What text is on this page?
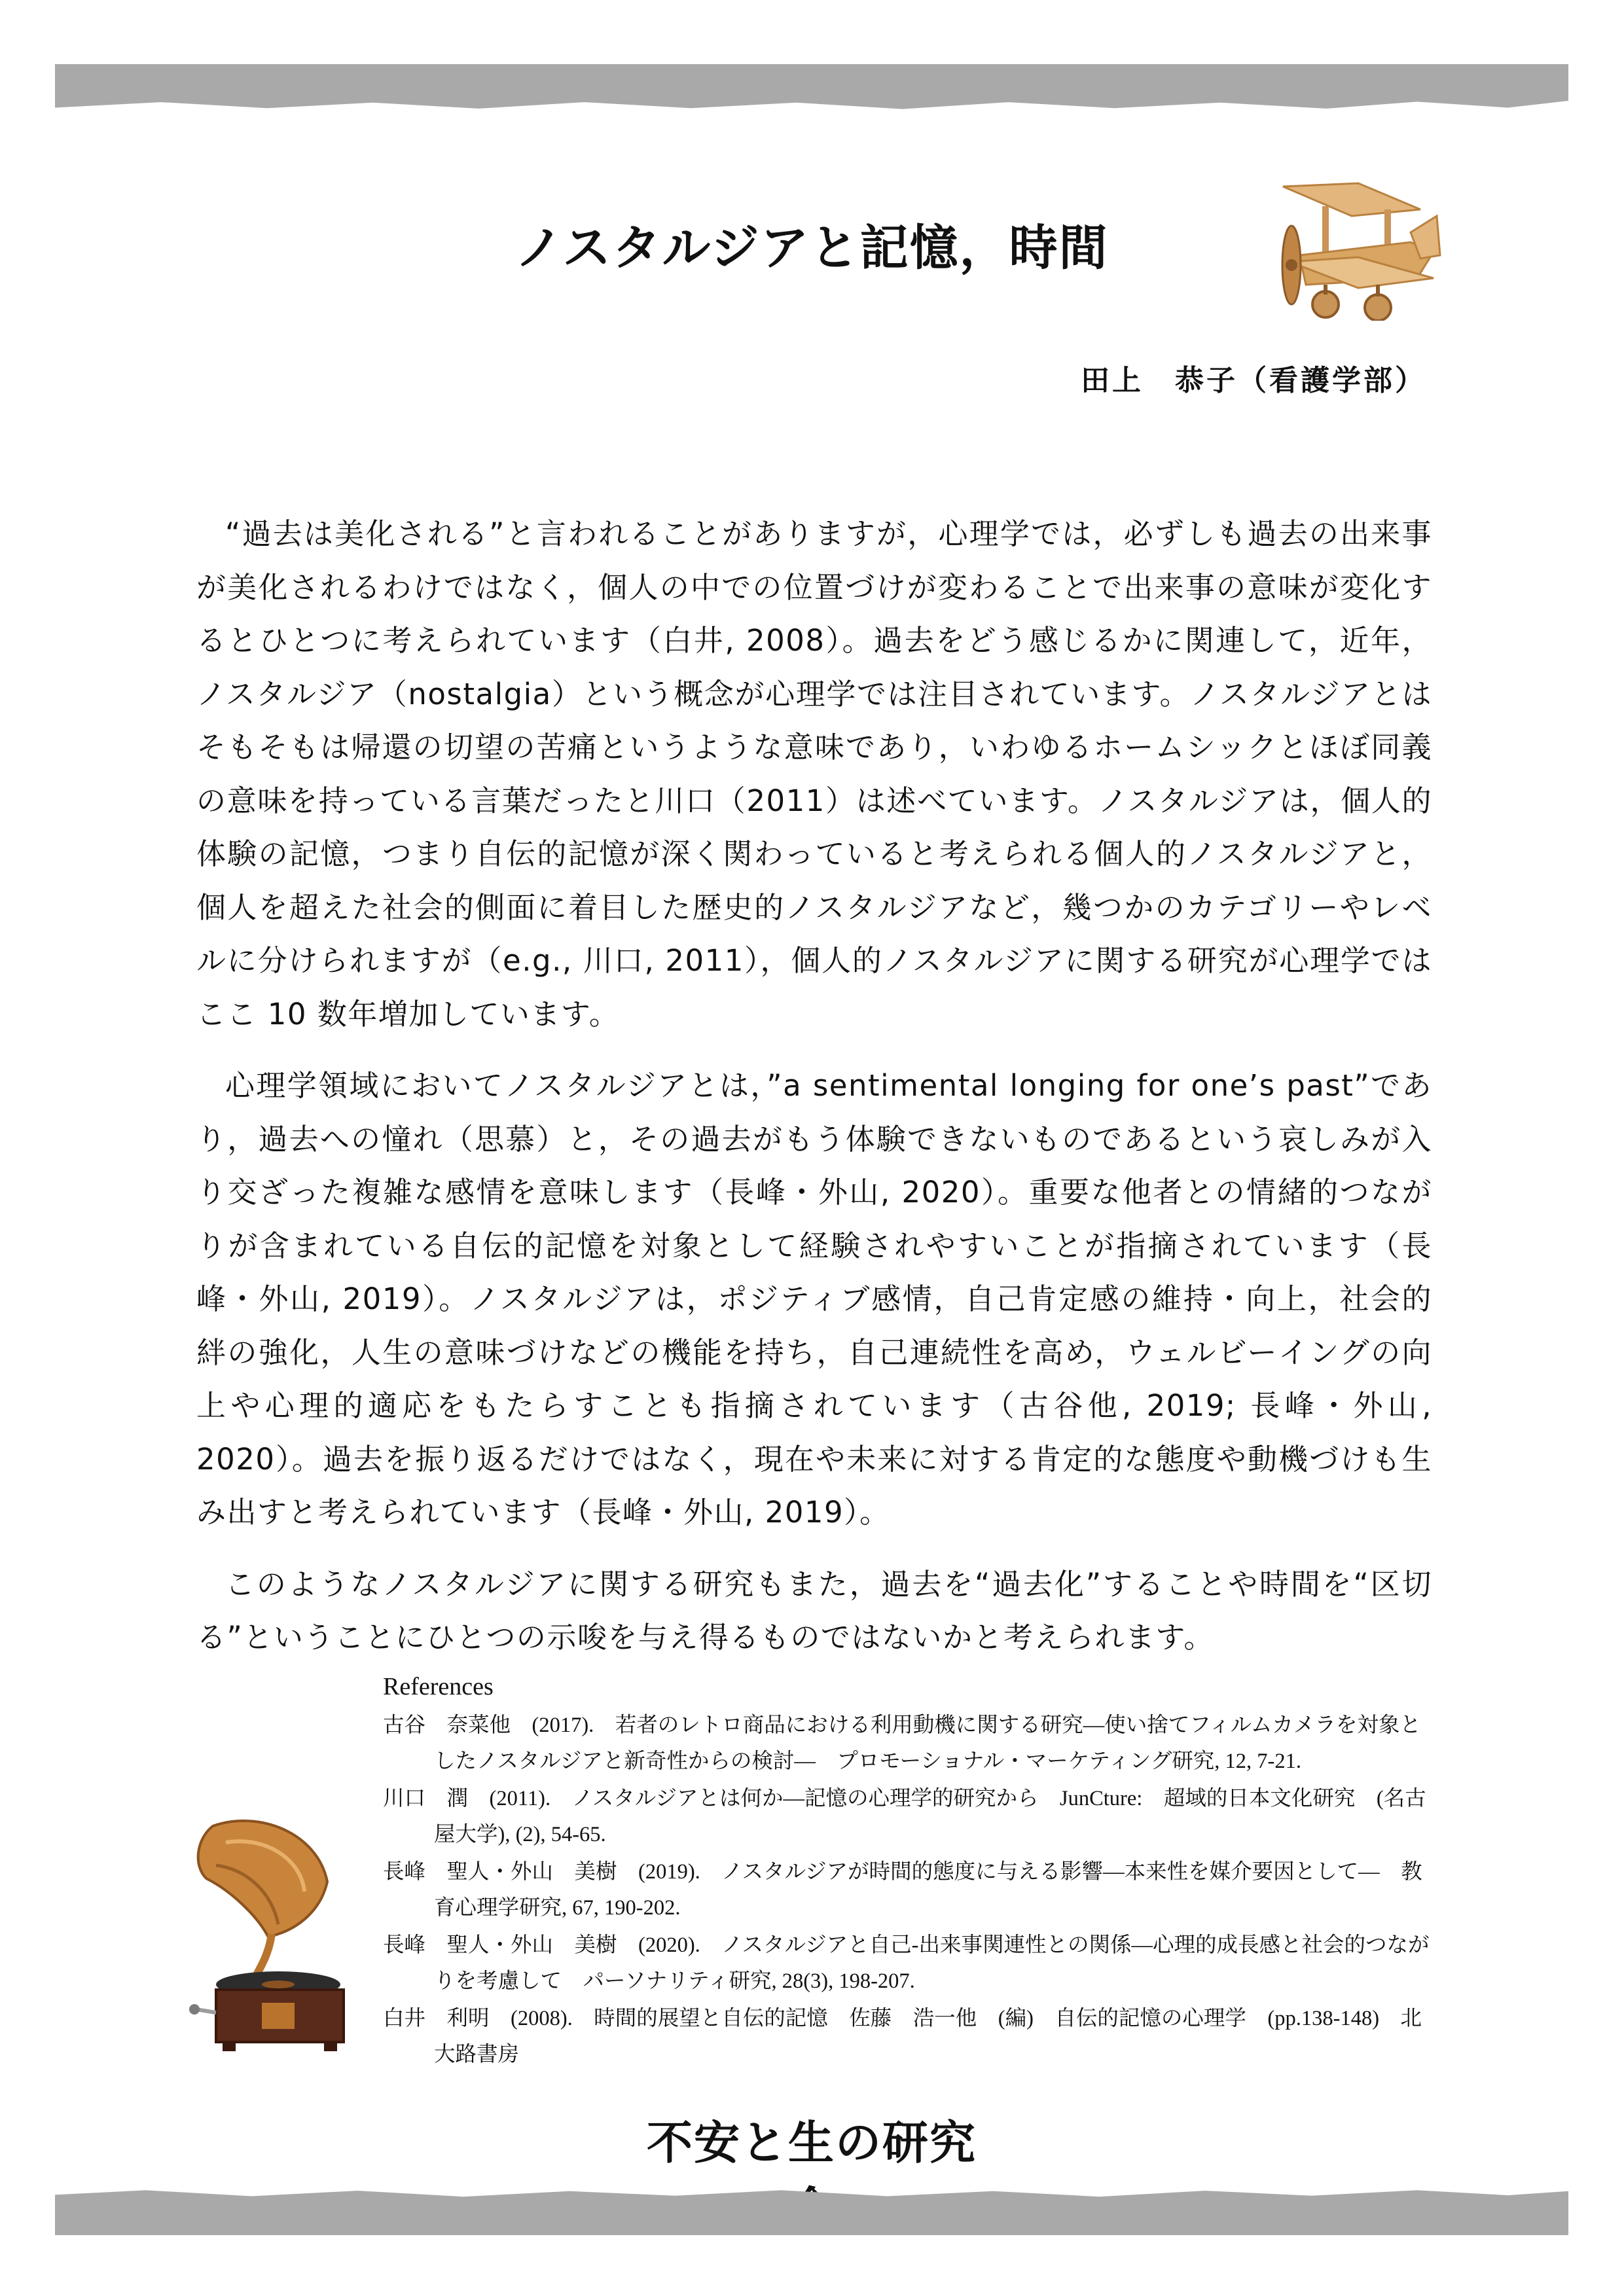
ノスタルジアと記憶，時間
田上　恭子（看護学部）

“過去は美化される”と言われることがありますが，心理学では，必ずしも過去の出来事が美化されるわけではなく，個人の中での位置づけが変わることで出来事の意味が変化するとひとつに考えられています（白井, 2008）。過去をどう感じるかに関連して，近年，ノスタルジア（nostalgia）という概念が心理学では注目されています。ノスタルジアとはそもそもは帰還の切望の苦痛というような意味であり，いわゆるホームシックとほぼ同義の意味を持っている言葉だったと川口（2011）は述べています。ノスタルジアは，個人的体験の記憶，つまり自伝的記憶が深く関わっていると考えられる個人的ノスタルジアと，個人を超えた社会的側面に着目した歴史的ノスタルジアなど，幾つかのカテゴリーやレベルに分けられますが（e.g., 川口, 2011），個人的ノスタルジアに関する研究が心理学ではここ 10 数年増加しています。

心理学領域においてノスタルジアとは，”a sentimental longing for one’s past”であり，過去への憧れ（思慕）と，その過去がもう体験できないものであるという哀しみが入り交ざった複雑な感情を意味します（長峰・外山, 2020）。重要な他者との情緒的つながりが含まれている自伝的記憶を対象として経験されやすいことが指摘されています（長峰・外山, 2019）。ノスタルジアは，ポジティブ感情，自己肯定感の維持・向上，社会的絆の強化，人生の意味づけなどの機能を持ち，自己連続性を高め，ウェルビーイングの向上や心理的適応をもたらすことも指摘されています（古谷他, 2019; 長峰・外山, 2020）。過去を振り返るだけではなく，現在や未来に対する肯定的な態度や動機づけも生み出すと考えられています（長峰・外山, 2019）。

このようなノスタルジアに関する研究もまた，過去を“過去化”することや時間を“区切る”ということにひとつの示唆を与え得るものではないかと考えられます。

References
古谷　奈菜他　(2017).　若者のレトロ商品における利用動機に関する研究―使い捨てフィルムカメラを対象としたノスタルジアと新奇性からの検討―　プロモーショナル・マーケティング研究, 12, 7-21.
川口　潤　(2011).　ノスタルジアとは何か―記憶の心理学的研究から　JunCture:　超域的日本文化研究　(名古屋大学), (2), 54-65.
長峰　聖人・外山　美樹　(2019).　ノスタルジアが時間的態度に与える影響―本来性を媒介要因として―　教育心理学研究, 67, 190-202.
長峰　聖人・外山　美樹　(2020).　ノスタルジアと自己-出来事関連性との関係―心理的成長感と社会的つながりを考慮して　パーソナリティ研究, 28(3), 198-207.
白井　利明　(2008).　時間的展望と自伝的記憶　佐藤　浩一他　(編)　自伝的記憶の心理学　(pp.138-148)　北大路書房
不安と生の研究
